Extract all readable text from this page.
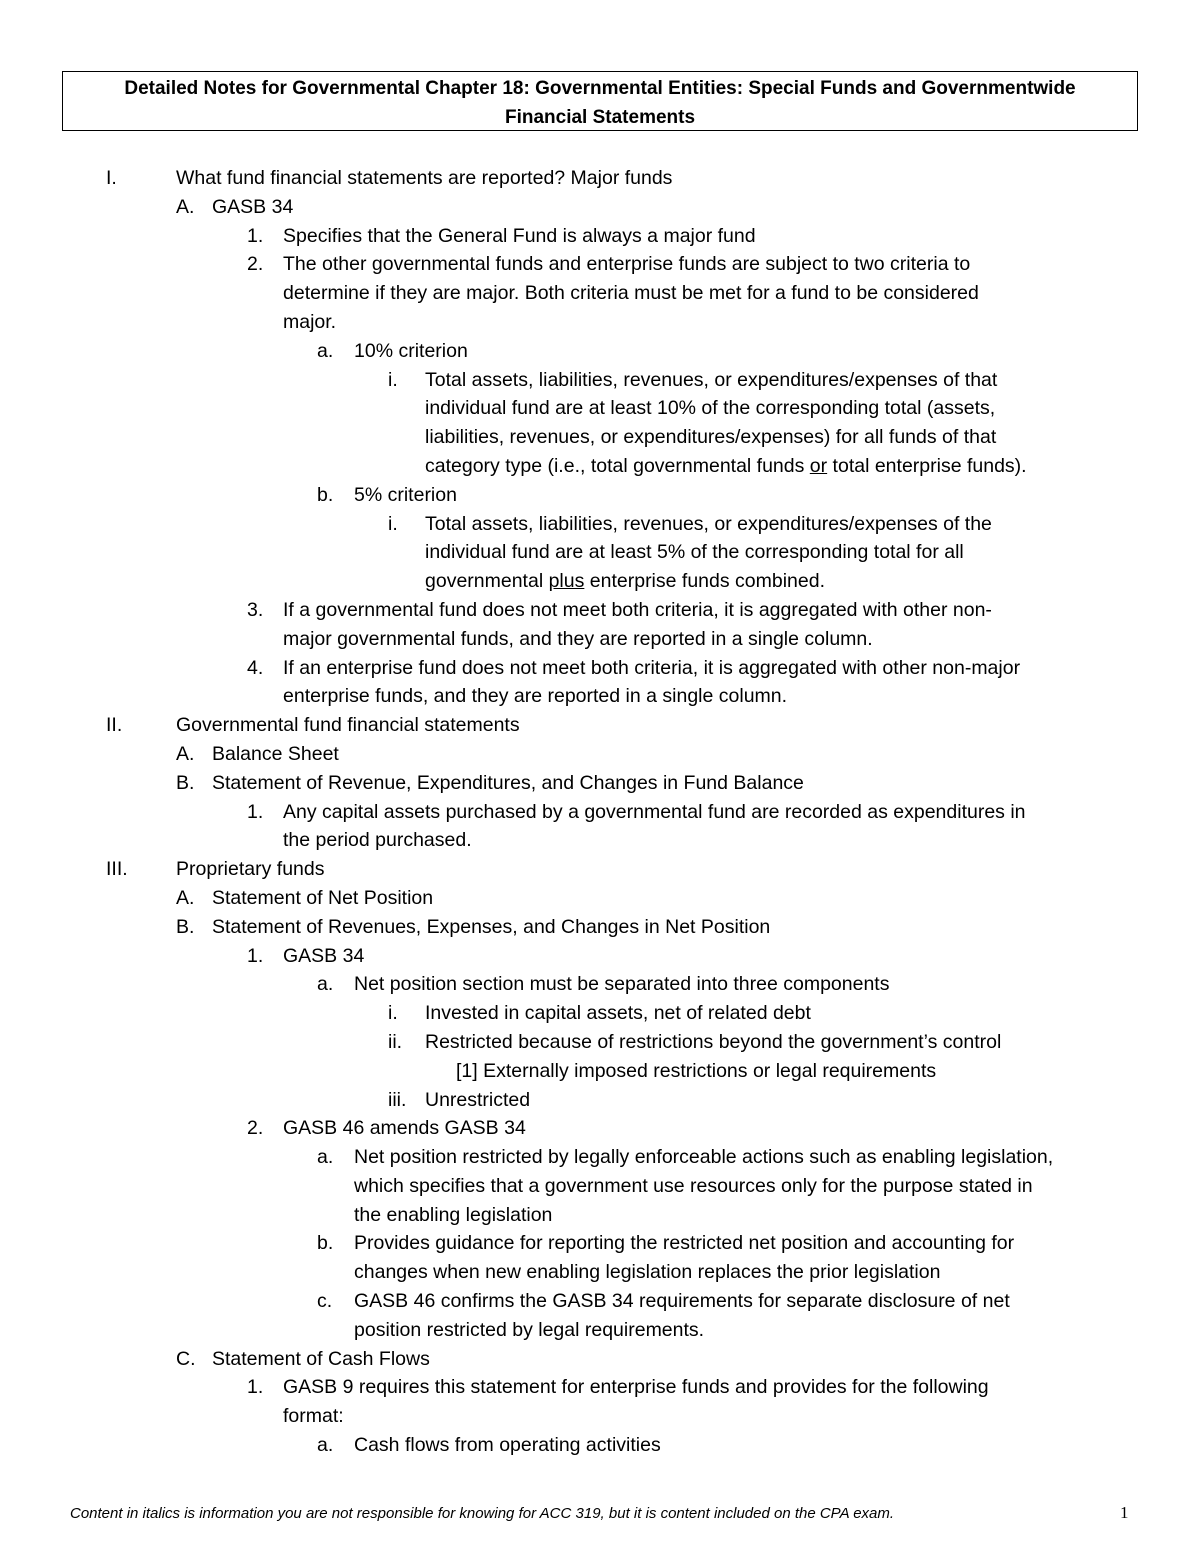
Detailed Notes for Governmental Chapter 18: Governmental Entities: Special Funds and Governmentwide
Financial Statements
I.	What fund financial statements are reported? Major funds
A. GASB 34
1. Specifies that the General Fund is always a major fund
2. The other governmental funds and enterprise funds are subject to two criteria to
determine if they are major. Both criteria must be met for a fund to be considered
major.
a. 10% criterion
i. Total assets, liabilities, revenues, or expenditures/expenses of that
individual fund are at least 10% of the corresponding total (assets,
liabilities, revenues, or expenditures/expenses) for all funds of that
category type (i.e., total governmental funds or total enterprise funds).
b. 5% criterion
i. Total assets, liabilities, revenues, or expenditures/expenses of the
individual fund are at least 5% of the corresponding total for all
governmental plus enterprise funds combined.
3. If a governmental fund does not meet both criteria, it is aggregated with other non-
major governmental funds, and they are reported in a single column.
4. If an enterprise fund does not meet both criteria, it is aggregated with other non-major
enterprise funds, and they are reported in a single column.
II.	Governmental fund financial statements
A. Balance Sheet
B. Statement of Revenue, Expenditures, and Changes in Fund Balance
1. Any capital assets purchased by a governmental fund are recorded as expenditures in
the period purchased.
III. Proprietary funds
A. Statement of Net Position
B. Statement of Revenues, Expenses, and Changes in Net Position
1. GASB 34
a. Net position section must be separated into three components
i. Invested in capital assets, net of related debt
ii. Restricted because of restrictions beyond the government’s control
[1] Externally imposed restrictions or legal requirements
iii. Unrestricted
2. GASB 46 amends GASB 34
a. Net position restricted by legally enforceable actions such as enabling legislation,
which specifies that a government use resources only for the purpose stated in
the enabling legislation
b. Provides guidance for reporting the restricted net position and accounting for
changes when new enabling legislation replaces the prior legislation
c. GASB 46 confirms the GASB 34 requirements for separate disclosure of net
position restricted by legal requirements.
C. Statement of Cash Flows
1. GASB 9 requires this statement for enterprise funds and provides for the following
format:
a. Cash flows from operating activities
Content in italics is information you are not responsible for knowing for ACC 319, but it is content included on the CPA exam.	1
